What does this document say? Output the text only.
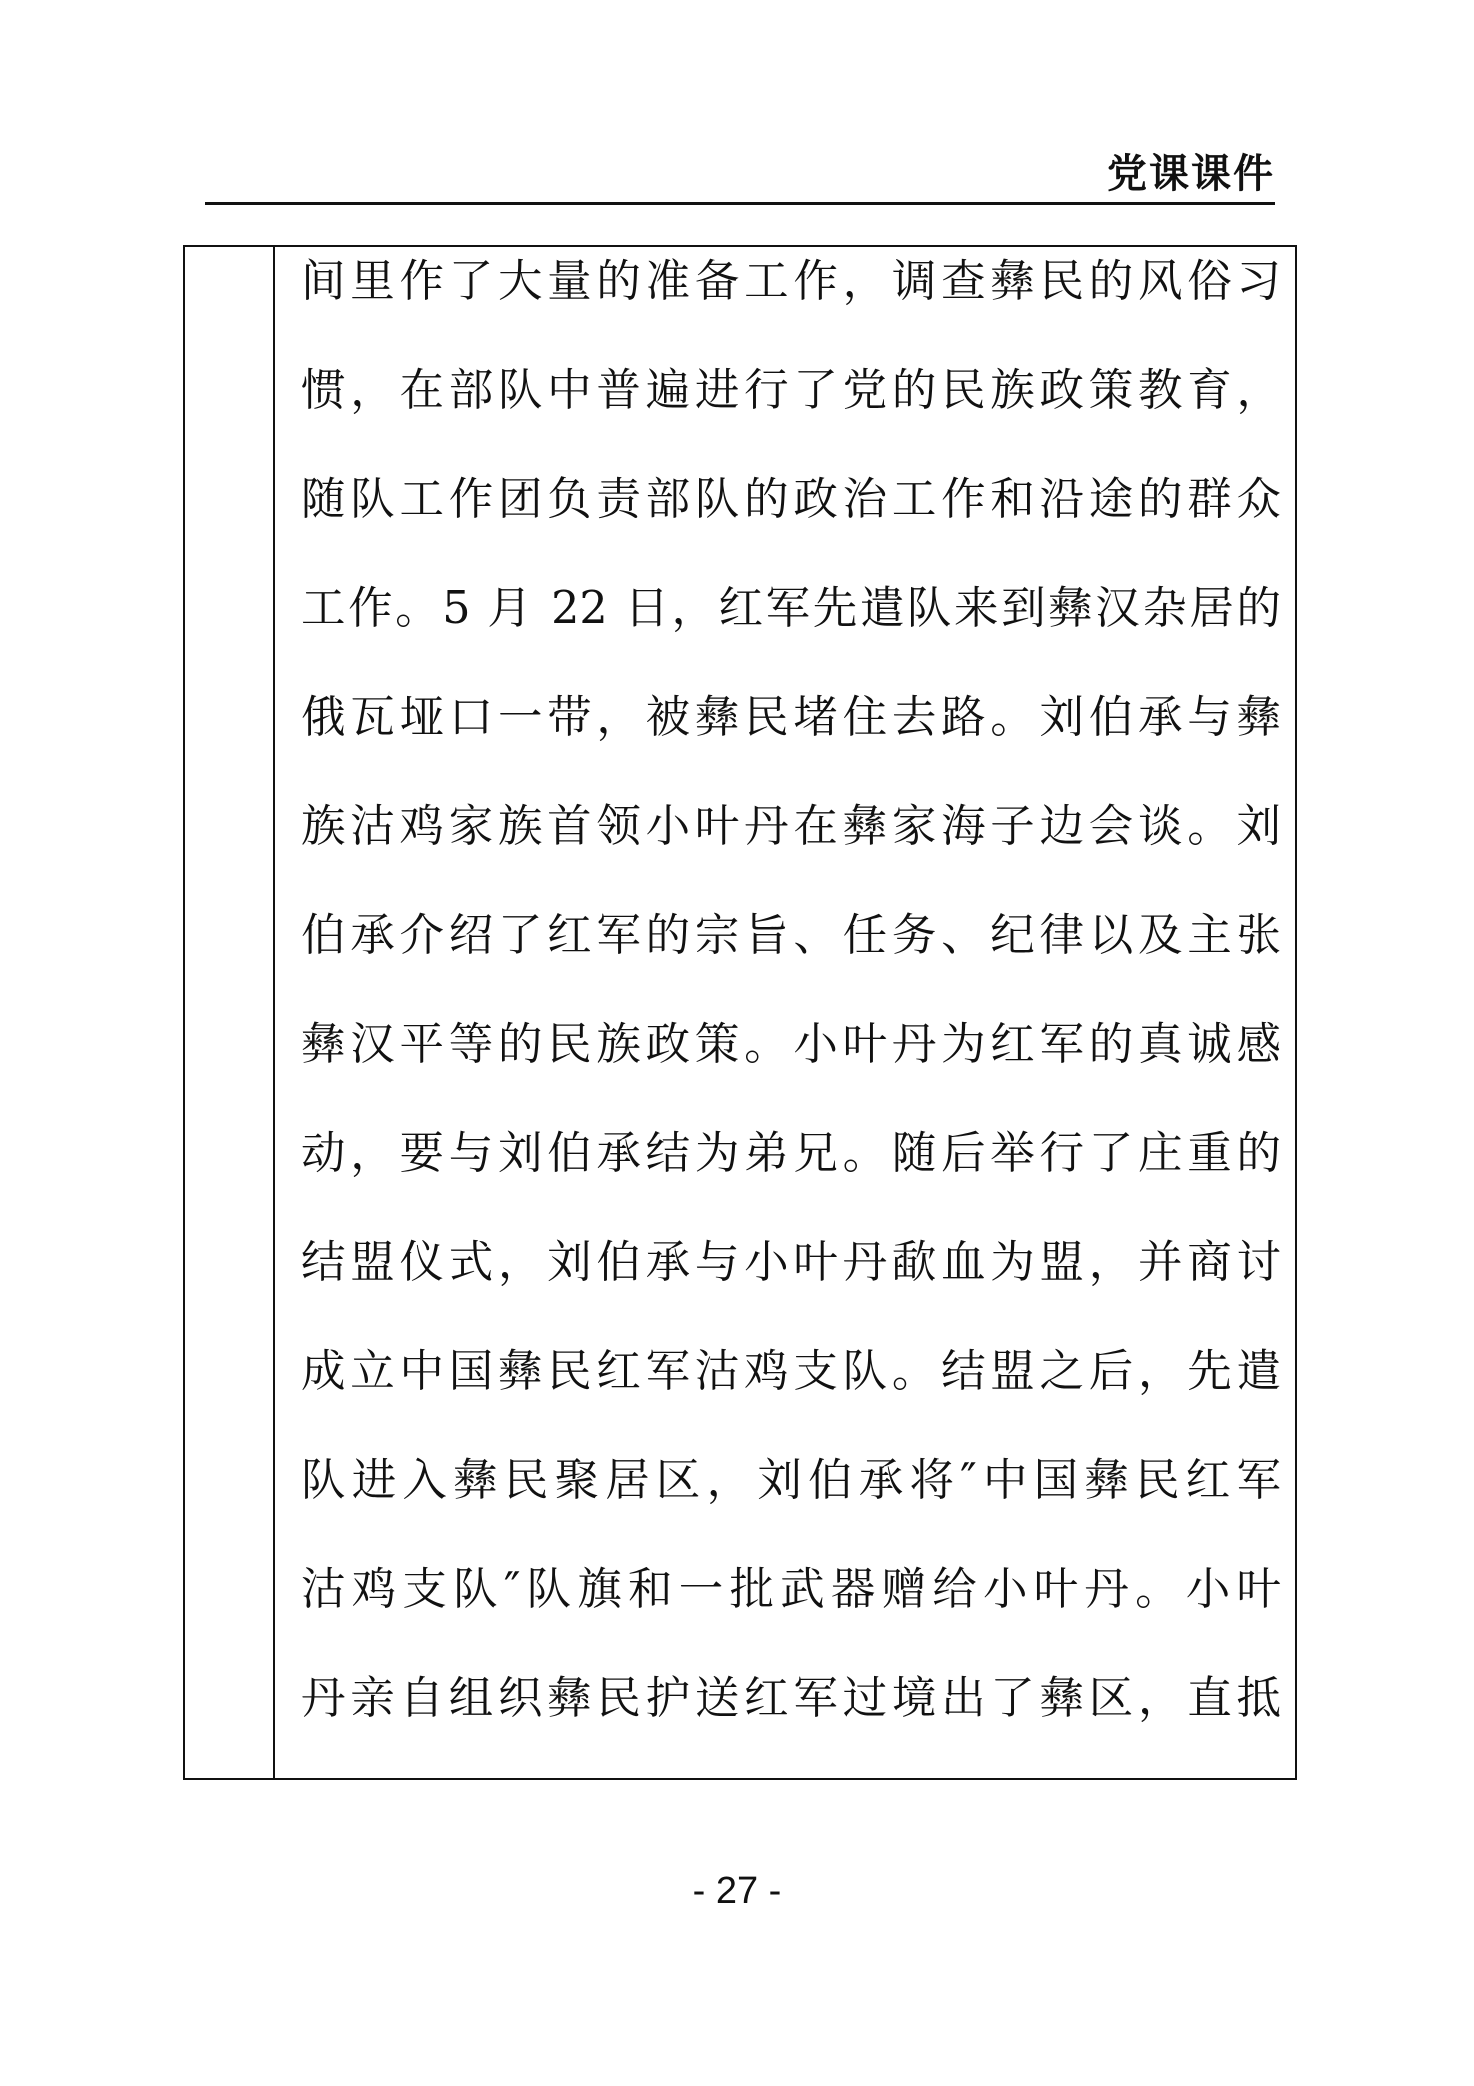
党课课件
间里作了大量的准备工作，调查彝民的风俗习
惯，在部队中普遍进行了党的民族政策教育，
随队工作团负责部队的政治工作和沿途的群众
工作。5 月 22 日，红军先遣队来到彝汉杂居的
俄瓦垭口一带，被彝民堵住去路。刘伯承与彝
族沽鸡家族首领小叶丹在彝家海子边会谈。刘
伯承介绍了红军的宗旨、任务、纪律以及主张
彝汉平等的民族政策。小叶丹为红军的真诚感
动，要与刘伯承结为弟兄。随后举行了庄重的
结盟仪式，刘伯承与小叶丹歃血为盟，并商讨
成立中国彝民红军沽鸡支队。结盟之后，先遣
队进入彝民聚居区，刘伯承将″中国彝民红军
沽鸡支队″队旗和一批武器赠给小叶丹。小叶
丹亲自组织彝民护送红军过境出了彝区，直抵
- 27 -
